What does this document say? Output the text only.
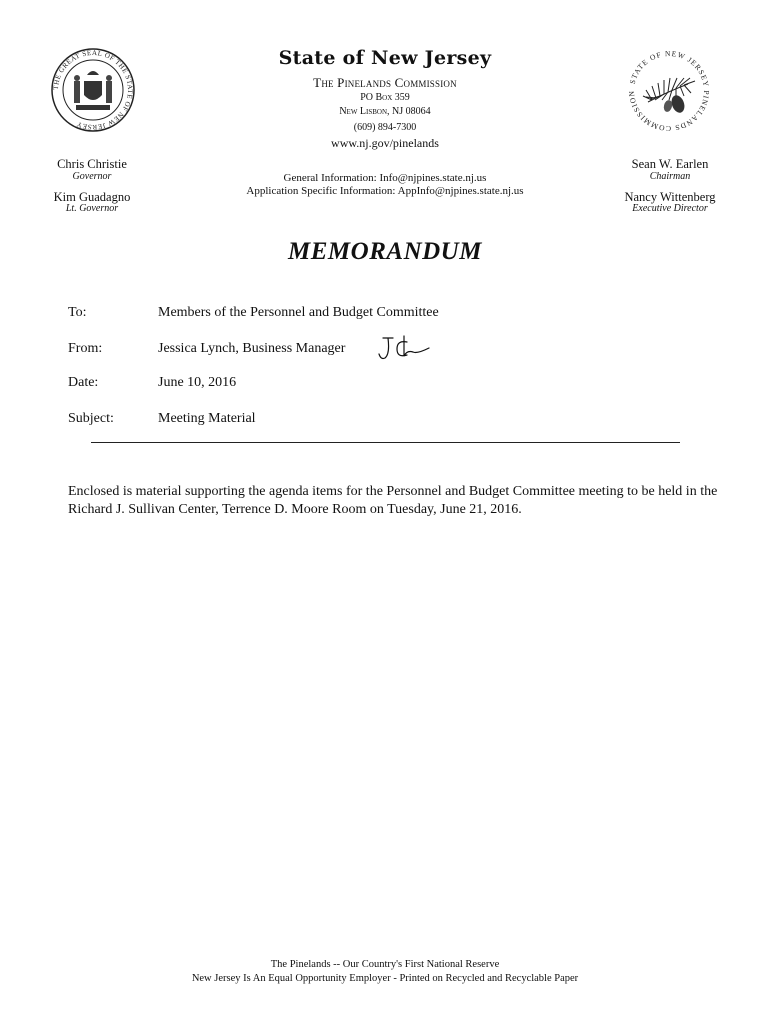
THE GREAT SEAL OF THE STATE OF NEW JERSEY
STATE OF NEW JERSEY PINELANDS COMMISSION
State of New Jersey
The Pinelands Commission
PO Box 359
New Lisbon, NJ 08064
(609) 894-7300
www.nj.gov/pinelands
General Information: Info@njpines.state.nj.us
Application Specific Information: AppInfo@njpines.state.nj.us
Chris Christie
Governor
Kim Guadagno
Lt. Governor
Sean W. Earlen
Chairman
Nancy Wittenberg
Executive Director
MEMORANDUM
To:	Members of the Personnel and Budget Committee
From:	Jessica Lynch, Business Manager
Date:	June 10, 2016
Subject:	Meeting Material
Enclosed is material supporting the agenda items for the Personnel and Budget Committee meeting to be held in the Richard J. Sullivan Center, Terrence D. Moore Room on Tuesday, June 21, 2016.
The Pinelands -- Our Country's First National Reserve
New Jersey Is An Equal Opportunity Employer - Printed on Recycled and Recyclable Paper
